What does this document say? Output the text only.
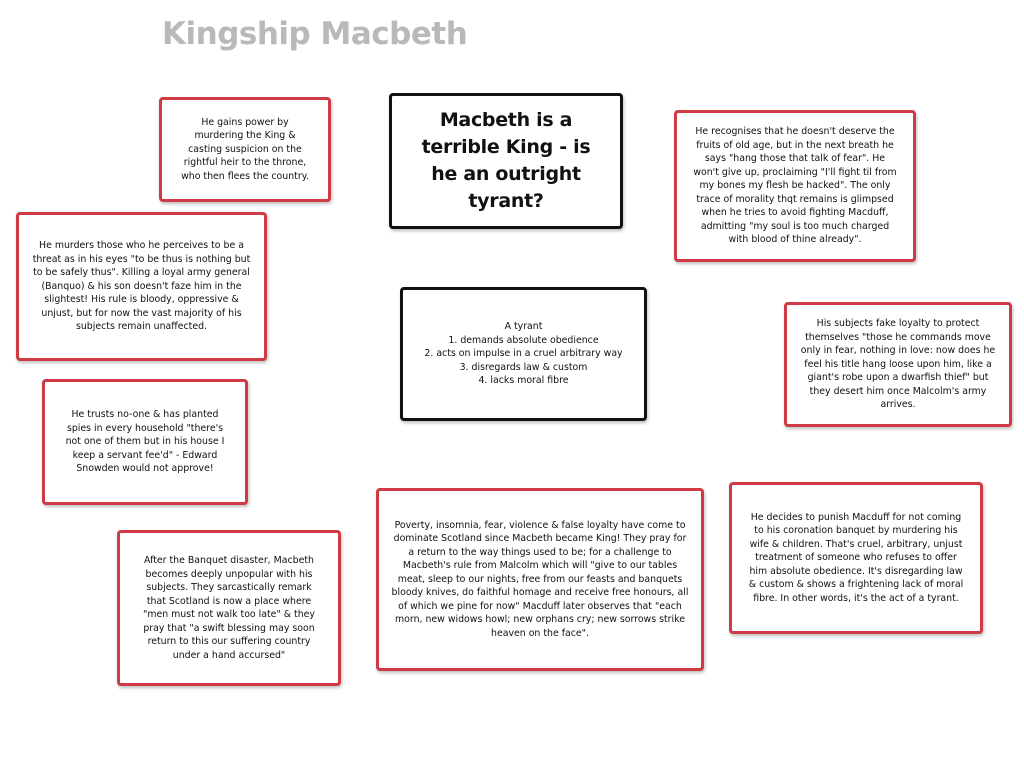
Kingship Macbeth
Macbeth is a terrible King - is he an outright tyrant?
A tyrant
1. demands absolute obedience
2. acts on impulse in a cruel arbitrary way
3. disregards law & custom
4. lacks moral fibre
He gains power by murdering the King & casting suspicion on the rightful heir to the throne, who then flees the country.
He murders those who he perceives to be a threat as in his eyes "to be thus is nothing but to be safely thus". Killing a loyal army general (Banquo) & his son doesn't faze him in the slightest! His rule is bloody, oppressive & unjust, but for now the vast majority of his subjects remain unaffected.
He trusts no-one & has planted spies in every household "there's not one of them but in his house I keep a servant fee'd" - Edward Snowden would not approve!
After the Banquet disaster, Macbeth becomes deeply unpopular with his subjects. They sarcastically remark that Scotland is now a place where "men must not walk too late" & they pray that "a swift blessing may soon return to this our suffering country under a hand accursed"
Poverty, insomnia, fear, violence & false loyalty have come to dominate Scotland since Macbeth became King! They pray for a return to the way things used to be; for a challenge to Macbeth's rule from Malcolm which will "give to our tables meat, sleep to our nights, free from our feasts and banquets bloody knives, do faithful homage and receive free honours, all of which we pine for now" Macduff later observes that "each morn, new widows howl; new orphans cry; new sorrows strike heaven on the face".
He recognises that he doesn't deserve the fruits of old age, but in the next breath he says "hang those that talk of fear". He won't give up, proclaiming "I'll fight til from my bones my flesh be hacked". The only trace of morality thqt remains is glimpsed when he tries to avoid fighting Macduff, admitting "my soul is too much charged with blood of thine already".
His subjects fake loyalty to protect themselves "those he commands move only in fear, nothing in love: now does he feel his title hang loose upon him, like a giant's robe upon a dwarfish thief" but they desert him once Malcolm's army arrives.
He decides to punish Macduff for not coming to his coronation banquet by murdering his wife & children. That's cruel, arbitrary, unjust treatment of someone who refuses to offer him absolute obedience. It's disregarding law & custom & shows a frightening lack of moral fibre. In other words, it's the act of a tyrant.
